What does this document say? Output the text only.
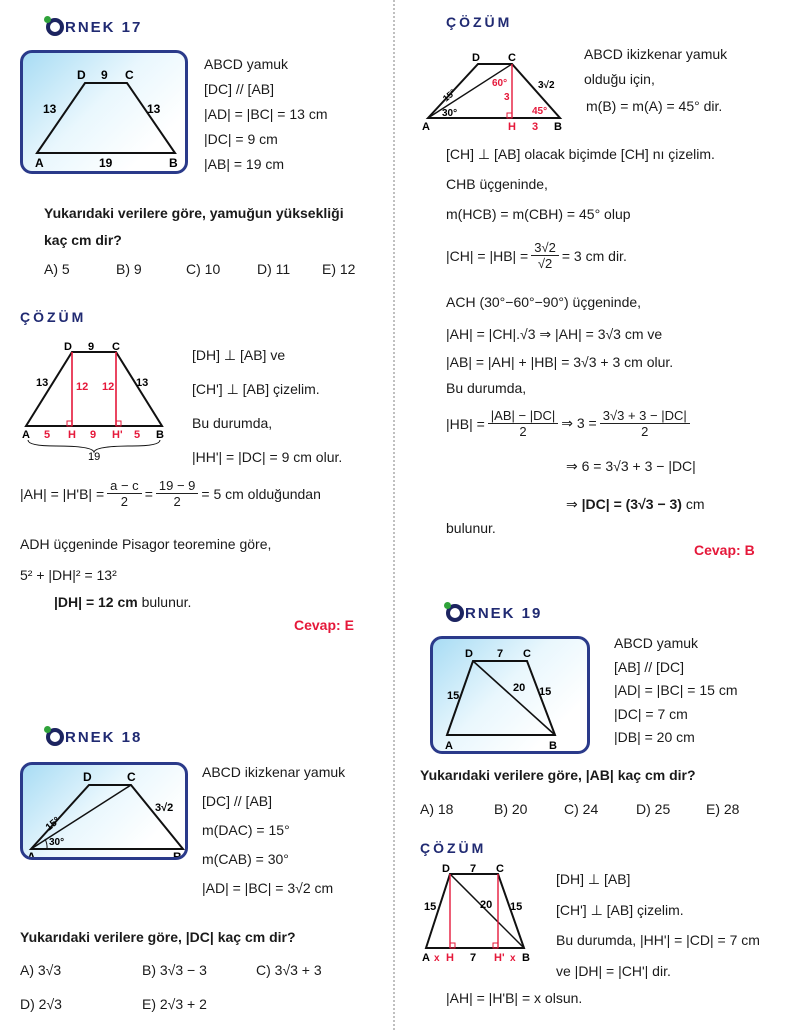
RNEK 17
D	C
9
13	13
A	19	B
ABCD yamuk
[DC] // [AB]
|AD| = |BC| = 13 cm
|DC| = 9 cm
|AB| = 19 cm
Yukarıdaki verilere göre, yamuğun yüksekliği
kaç cm dir?
A) 5	B) 9	C) 10	D) 11 E) 12
ÇÖZÜM
D	C
9
13	13
12 12
A 5 H 9 H' 5 B
19
[DH] ⊥ [AB] ve
[CH'] ⊥ [AB] çizelim.
Bu durumda,
|HH'| = |DC| = 9 cm olur.
$|AH| = |H'B| = \frac{a - c}{2} = \frac{19 - 9}{2} = 5$ cm olduğundan
ADH üçgeninde Pisagor teoremine göre,
5² + |DH|² = 13²
|DH| = 12 cm bulunur.
Cevap: E
RNEK 18
D	C
15°
30°
3√2
A	B
ABCD ikizkenar yamuk
[DC] // [AB]
m(DAC) = 15°
m(CAB) = 30°
|AD| = |BC| = 3√2 cm
Yukarıdaki verilere göre, |DC| kaç cm dir?
A) 3√3	B) 3√3 − 3	C) 3√3 + 3
D) 2√3	E) 2√3 + 2
ÇÖZÜM
D	C
60°
3
45°
3√2
15°
30°
A	H 3 B
ABCD ikizkenar yamuk
olduğu için,
m(B) = m(A) = 45° dir.
[CH] ⊥ [AB] olacak biçimde [CH] nı çizelim.
CHB üçgeninde,
m(HCB) = m(CBH) = 45° olup
$|CH| = |HB| = \frac{3√2}{√2} = 3$ cm dir.
ACH (30°−60°−90°) üçgeninde,
|AH| = |CH|.√3 ⇒ |AH| = 3√3 cm ve
|AB| = |AH| + |HB| = 3√3 + 3 cm olur.
Bu durumda,
$|HB| = \frac{|AB| - |DC|}{2}$ ⇒ $3 = \frac{3√3 + 3 - |DC|}{2}$
⇒ 6 = 3√3 + 3 − |DC|
⇒ |DC| = (3√3 − 3) cm
bulunur.
Cevap: B
RNEK 19
D	C
7
15	15
20
A	B
ABCD yamuk
[AB] // [DC]
|AD| = |BC| = 15 cm
|DC| = 7 cm
|DB| = 20 cm
Yukarıdaki verilere göre, |AB| kaç cm dir?
A) 18	B) 20	C) 24	D) 25	E) 28
ÇÖZÜM
D	C
7
15	15
20
A x H 7 H' x B
[DH] ⊥ [AB]
[CH'] ⊥ [AB] çizelim.
Bu durumda, |HH'| = |CD| = 7 cm
ve |DH| = |CH'| dir.
|AH| = |H'B| = x olsun.
